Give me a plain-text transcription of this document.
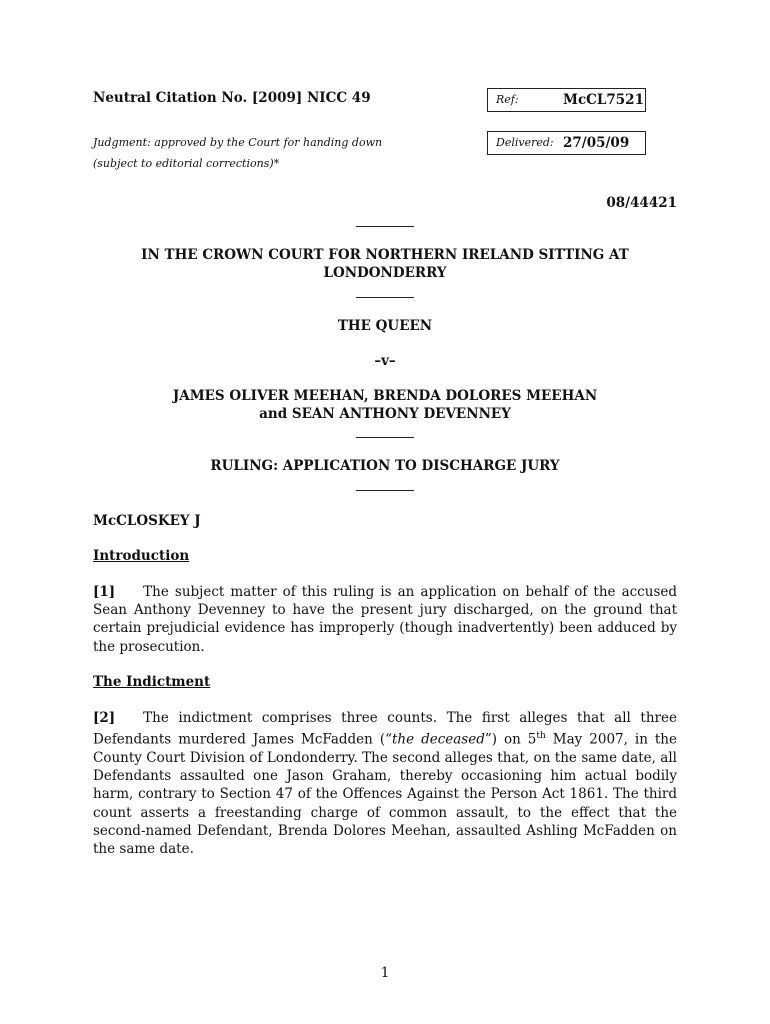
Neutral Citation No. [2009] NICC 49	Ref:	McCL7521
Judgment: approved by the Court for handing down
(subject to editorial corrections)*
Delivered: 27/05/09
08/44421
IN THE CROWN COURT FOR NORTHERN IRELAND SITTING AT
LONDONDERRY
THE QUEEN
–v–
JAMES OLIVER MEEHAN, BRENDA DOLORES MEEHAN
and SEAN ANTHONY DEVENNEY
RULING: APPLICATION TO DISCHARGE JURY
McCLOSKEY J
Introduction
[1] The subject matter of this ruling is an application on behalf of the accused Sean Anthony Devenney to have the present jury discharged, on the ground that certain prejudicial evidence has improperly (though inadvertently) been adduced by the prosecution.
The Indictment
[2] The indictment comprises three counts. The first alleges that all three Defendants murdered James McFadden (“the deceased”) on 5th May 2007, in the County Court Division of Londonderry. The second alleges that, on the same date, all Defendants assaulted one Jason Graham, thereby occasioning him actual bodily harm, contrary to Section 47 of the Offences Against the Person Act 1861. The third count asserts a freestanding charge of common assault, to the effect that the second-named Defendant, Brenda Dolores Meehan, assaulted Ashling McFadden on the same date.
1
